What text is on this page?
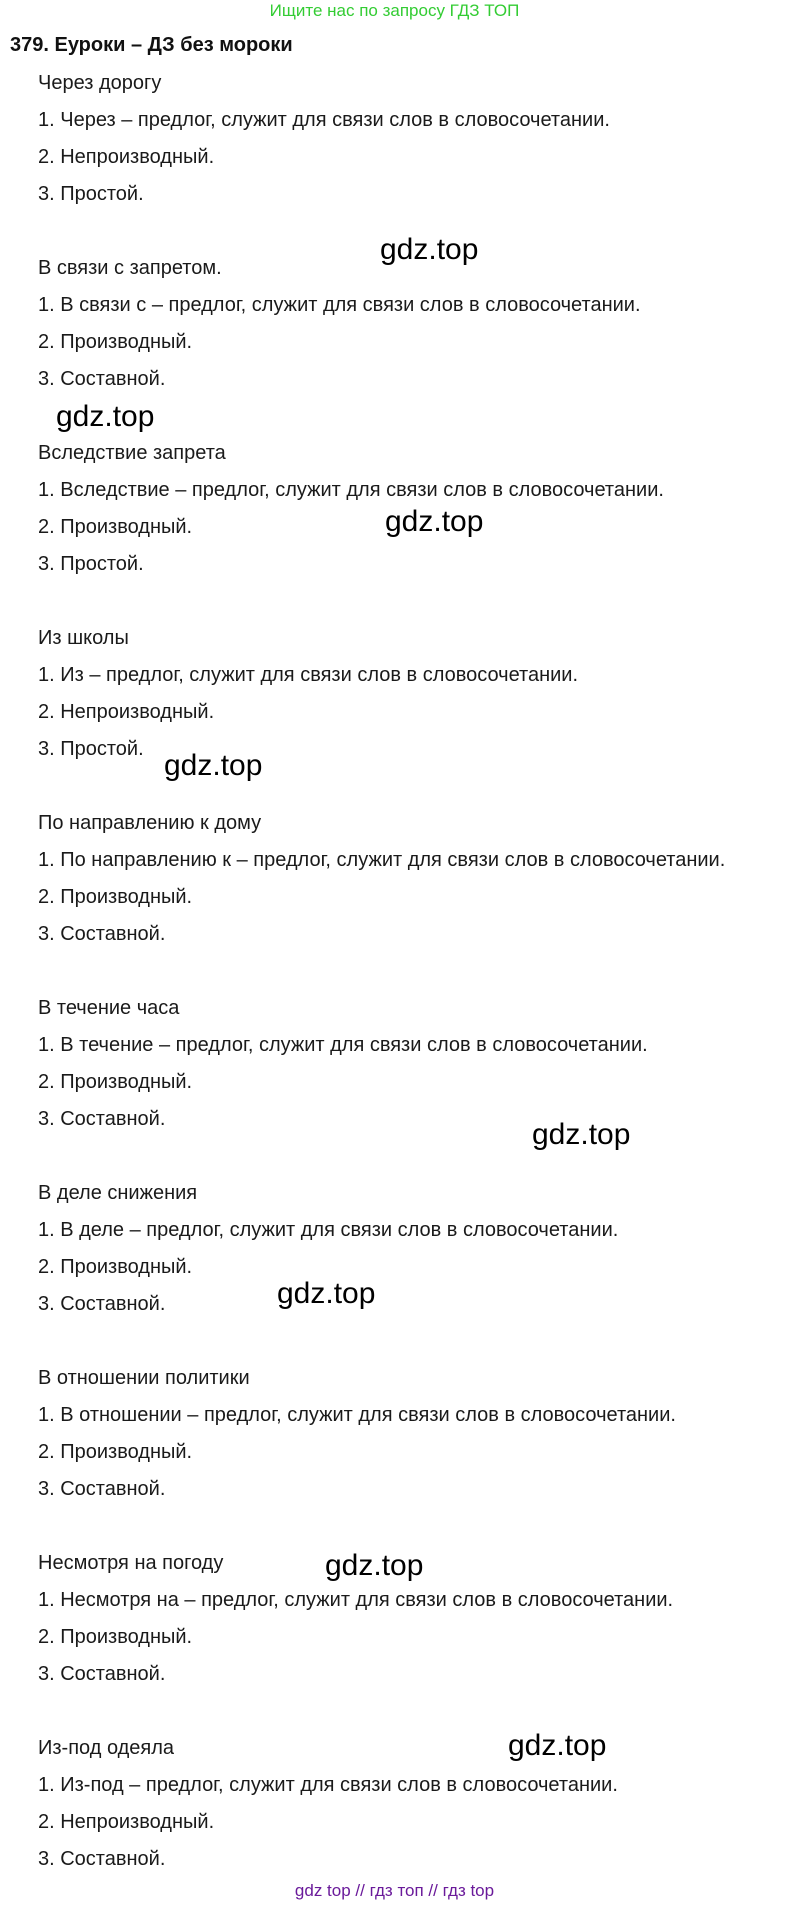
Ищите нас по запросу ГДЗ ТОП
379. Еуроки – ДЗ без мороки
Через дорогу
1. Через – предлог, служит для связи слов в словосочетании.
2. Непроизводный.
3. Простой.
В связи с запретом.
1. В связи с – предлог, служит для связи слов в словосочетании.
2. Производный.
3. Составной.
Вследствие запрета
1. Вследствие – предлог, служит для связи слов в словосочетании.
2. Производный.
3. Простой.
Из школы
1. Из – предлог, служит для связи слов в словосочетании.
2. Непроизводный.
3. Простой.
По направлению к дому
1. По направлению к – предлог, служит для связи слов в словосочетании.
2. Производный.
3. Составной.
В течение часа
1. В течение – предлог, служит для связи слов в словосочетании.
2. Производный.
3. Составной.
В деле снижения
1. В деле – предлог, служит для связи слов в словосочетании.
2. Производный.
3. Составной.
В отношении политики
1. В отношении – предлог, служит для связи слов в словосочетании.
2. Производный.
3. Составной.
Несмотря на погоду
1. Несмотря на – предлог, служит для связи слов в словосочетании.
2. Производный.
3. Составной.
Из-под одеяла
1. Из-под – предлог, служит для связи слов в словосочетании.
2. Непроизводный.
3. Составной.
gdz.top
gdz.top
gdz.top
gdz.top
gdz.top
gdz.top
gdz.top
gdz.top
gdz top // гдз топ // гдз top
